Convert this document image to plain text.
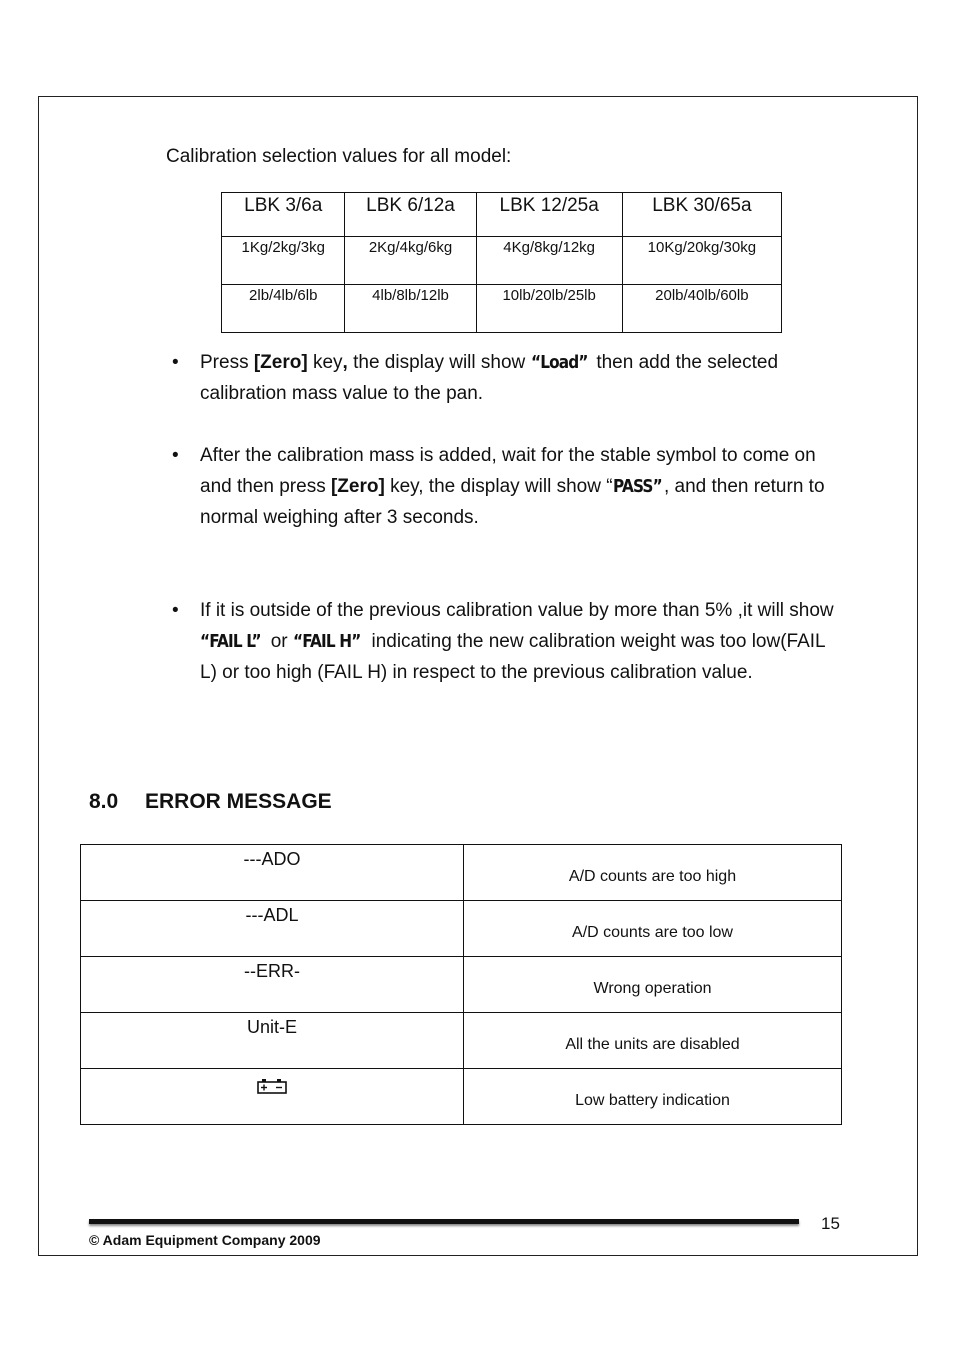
Calibration selection values for all model:
LBK 3/6a	LBK 6/12a	LBK 12/25a	LBK 30/65a
1Kg/2kg/3kg	2Kg/4kg/6kg	4Kg/8kg/12kg	10Kg/20kg/30kg
2lb/4lb/6lb	4lb/8lb/12lb	10lb/20lb/25lb	20lb/40lb/60lb
• Press [Zero] key, the display will show “Load” then add the selected calibration mass value to the pan.
• After the calibration mass is added, wait for the stable symbol to come on and then press [Zero] key, the display will show “PASS” , and then return to normal weighing after 3 seconds.
• If it is outside of the previous calibration value by more than 5% ,it will show “FAIL L” or “FAIL H” indicating the new calibration weight was too low(FAIL L) or too high (FAIL H) in respect to the previous calibration value.
8.0 ERROR MESSAGE
---ADO	A/D counts are too high
---ADL	A/D counts are too low
--ERR-	Wrong operation
Unit-E	All the units are disabled
	Low battery indication
15
© Adam Equipment Company 2009
